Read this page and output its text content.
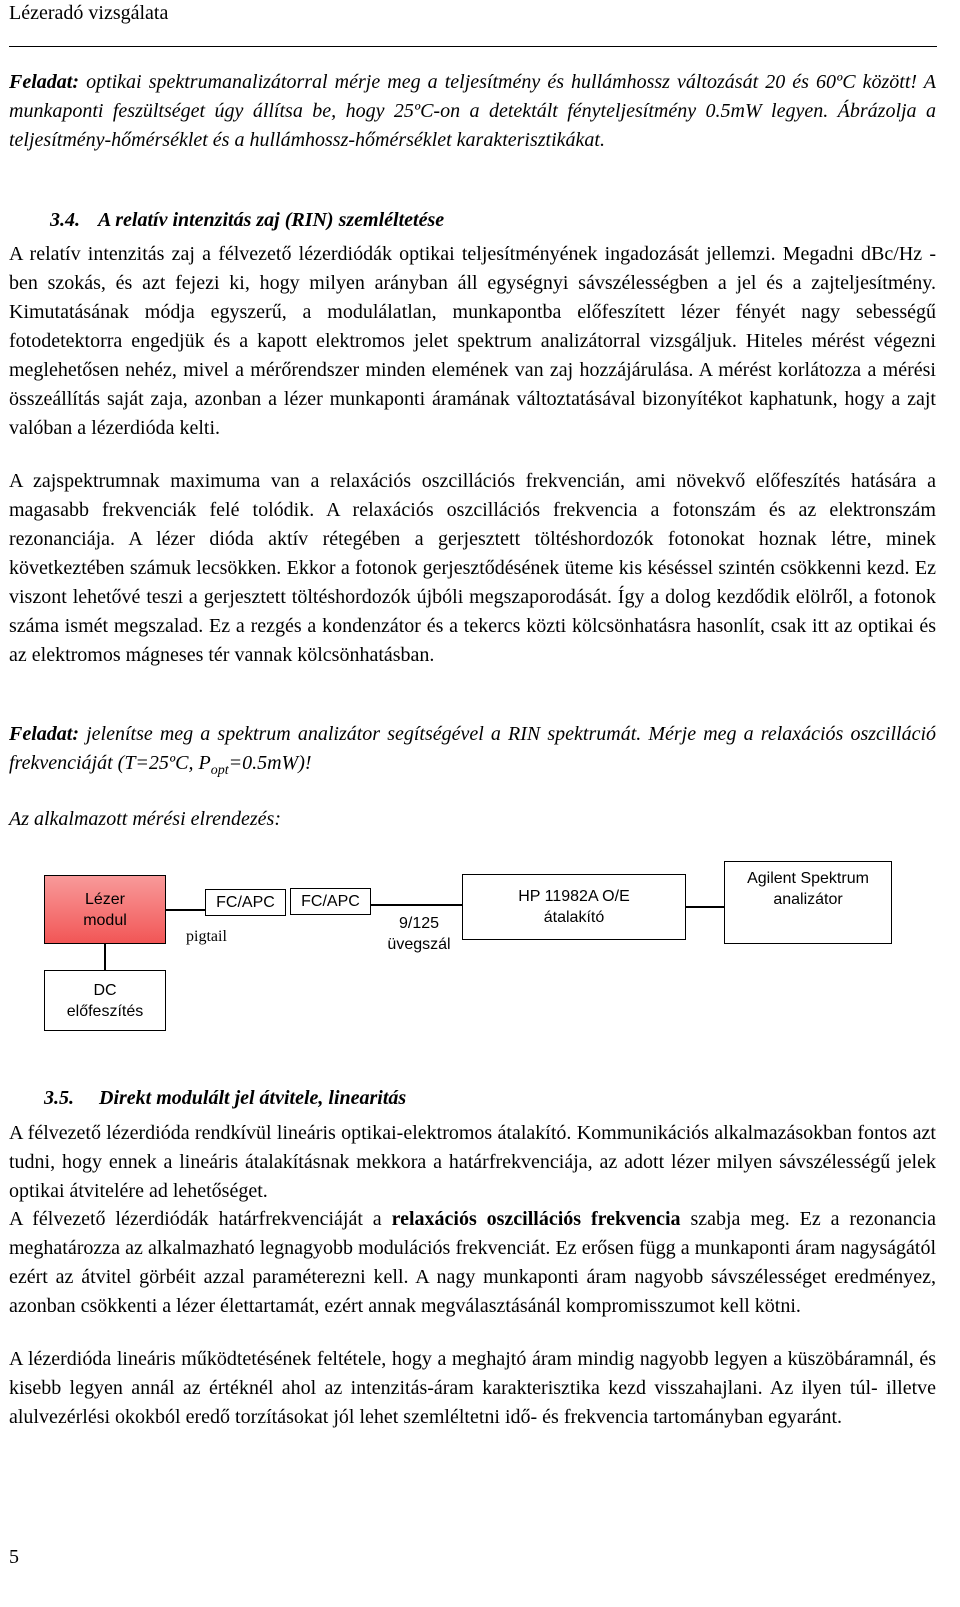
Lézeradó vizsgálata

Feladat: optikai spektrumanalizátorral mérje meg a teljesítmény és hullámhossz változását 20 és 60ºC között! A munkaponti feszültséget úgy állítsa be, hogy 25ºC-on a detektált fényteljesítmény 0.5mW legyen. Ábrázolja a teljesítmény-hőmérséklet és a hullámhossz-hőmérséklet karakterisztikákat.

3.4. A relatív intenzitás zaj (RIN) szemléltetése

A relatív intenzitás zaj a félvezető lézerdiódák optikai teljesítményének ingadozását jellemzi. Megadni dBc/Hz - ben szokás, és azt fejezi ki, hogy milyen arányban áll egységnyi sávszélességben a jel és a zajteljesítmény. Kimutatásának módja egyszerű, a modulálatlan, munkapontba előfeszített lézer fényét nagy sebességű fotodetektorra engedjük és a kapott elektromos jelet spektrum analizátorral vizsgáljuk. Hiteles mérést végezni meglehetősen nehéz, mivel a mérőrendszer minden elemének van zaj hozzájárulása. A mérést korlátozza a mérési összeállítás saját zaja, azonban a lézer munkaponti áramának változtatásával bizonyítékot kaphatunk, hogy a zajt valóban a lézerdióda kelti.

A zajspektrumnak maximuma van a relaxációs oszcillációs frekvencián, ami növekvő előfeszítés hatására a magasabb frekvenciák felé tolódik. A relaxációs oszcillációs frekvencia a fotonszám és az elektronszám rezonanciája. A lézer dióda aktív rétegében a gerjesztett töltéshordozók fotonokat hoznak létre, minek következtében számuk lecsökken. Ekkor a fotonok gerjesztődésének üteme kis késéssel szintén csökkenni kezd. Ez viszont lehetővé teszi a gerjesztett töltéshordozók újbóli megszaporodását. Így a dolog kezdődik elölről, a fotonok száma ismét megszalad. Ez a rezgés a kondenzátor és a tekercs közti kölcsönhatásra hasonlít, csak itt az optikai és az elektromos mágneses tér vannak kölcsönhatásban.

Feladat: jelenítse meg a spektrum analizátor segítségével a RIN spektrumát. Mérje meg a relaxációs oszcilláció frekvenciáját (T=25ºC, $P_{opt}=0.5mW$)!

Az alkalmazott mérési elrendezés:

Lézer modul
DC előfeszítés
pigtail
FC/APC FC/APC
9/125 üvegszál
HP 11982A O/E átalakító
Agilent Spektrum analizátor
3.5. Direkt modulált jel átvitele, linearitás

A félvezető lézerdióda rendkívül lineáris optikai-elektromos átalakító. Kommunikációs alkalmazásokban fontos azt tudni, hogy ennek a lineáris átalakításnak mekkora a határfrekvenciája, az adott lézer milyen sávszélességű jelek optikai átvitelére ad lehetőséget.

A félvezető lézerdiódák határfrekvenciáját a relaxációs oszcillációs frekvencia szabja meg. Ez a rezonancia meghatározza az alkalmazható legnagyobb modulációs frekvenciát. Ez erősen függ a munkaponti áram nagyságától ezért az átvitel görbéit azzal paraméterezni kell. A nagy munkaponti áram nagyobb sávszélességet eredményez, azonban csökkenti a lézer élettartamát, ezért annak megválasztásánál kompromisszumot kell kötni.

A lézerdióda lineáris működtetésének feltétele, hogy a meghajtó áram mindig nagyobb legyen a küszöbáramnál, és kisebb legyen annál az értéknél ahol az intenzitás-áram karakterisztika kezd visszahajlani. Az ilyen túl- illetve alulvezérlési okokból eredő torzításokat jól lehet szemléltetni idő- és frekvencia tartományban egyaránt.

5
